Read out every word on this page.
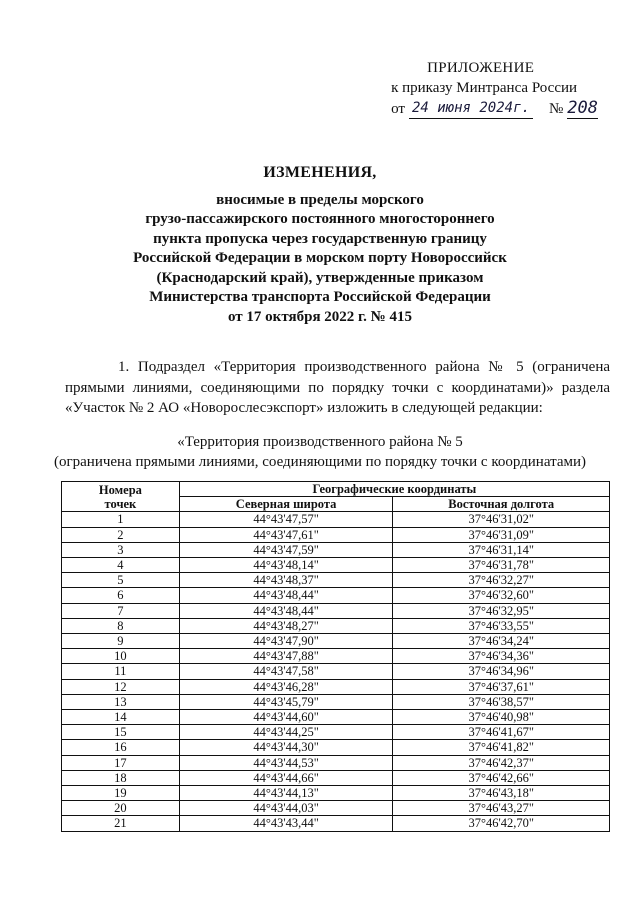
ПРИЛОЖЕНИЕ
к приказу Минтранса России
от 24 июня 2024г. № 208
ИЗМЕНЕНИЯ,
вносимые в пределы морского
грузо-пассажирского постоянного многостороннего
пункта пропуска через государственную границу
Российской Федерации в морском порту Новороссийск
(Краснодарский край), утвержденные приказом
Министерства транспорта Российской Федерации
от 17 октября 2022 г. № 415
1. Подраздел «Территория производственного района № 5 (ограничена прямыми линиями, соединяющими по порядку точки с координатами)» раздела «Участок № 2 АО «Новорослесэкспорт» изложить в следующей редакции:
«Территория производственного района № 5
(ограничена прямыми линиями, соединяющими по порядку точки с координатами)
Номера
точек	Географические координаты	
	Северная широта	Восточная долгота
1	44°43'47,57"	37°46'31,02"
2	44°43'47,61"	37°46'31,09"
3	44°43'47,59"	37°46'31,14"
4	44°43'48,14"	37°46'31,78"
5	44°43'48,37"	37°46'32,27"
6	44°43'48,44"	37°46'32,60"
7	44°43'48,44"	37°46'32,95"
8	44°43'48,27"	37°46'33,55"
9	44°43'47,90"	37°46'34,24"
10	44°43'47,88"	37°46'34,36"
11	44°43'47,58"	37°46'34,96"
12	44°43'46,28"	37°46'37,61"
13	44°43'45,79"	37°46'38,57"
14	44°43'44,60"	37°46'40,98"
15	44°43'44,25"	37°46'41,67"
16	44°43'44,30"	37°46'41,82"
17	44°43'44,53"	37°46'42,37"
18	44°43'44,66"	37°46'42,66"
19	44°43'44,13"	37°46'43,18"
20	44°43'44,03"	37°46'43,27"
21	44°43'43,44"	37°46'42,70"
